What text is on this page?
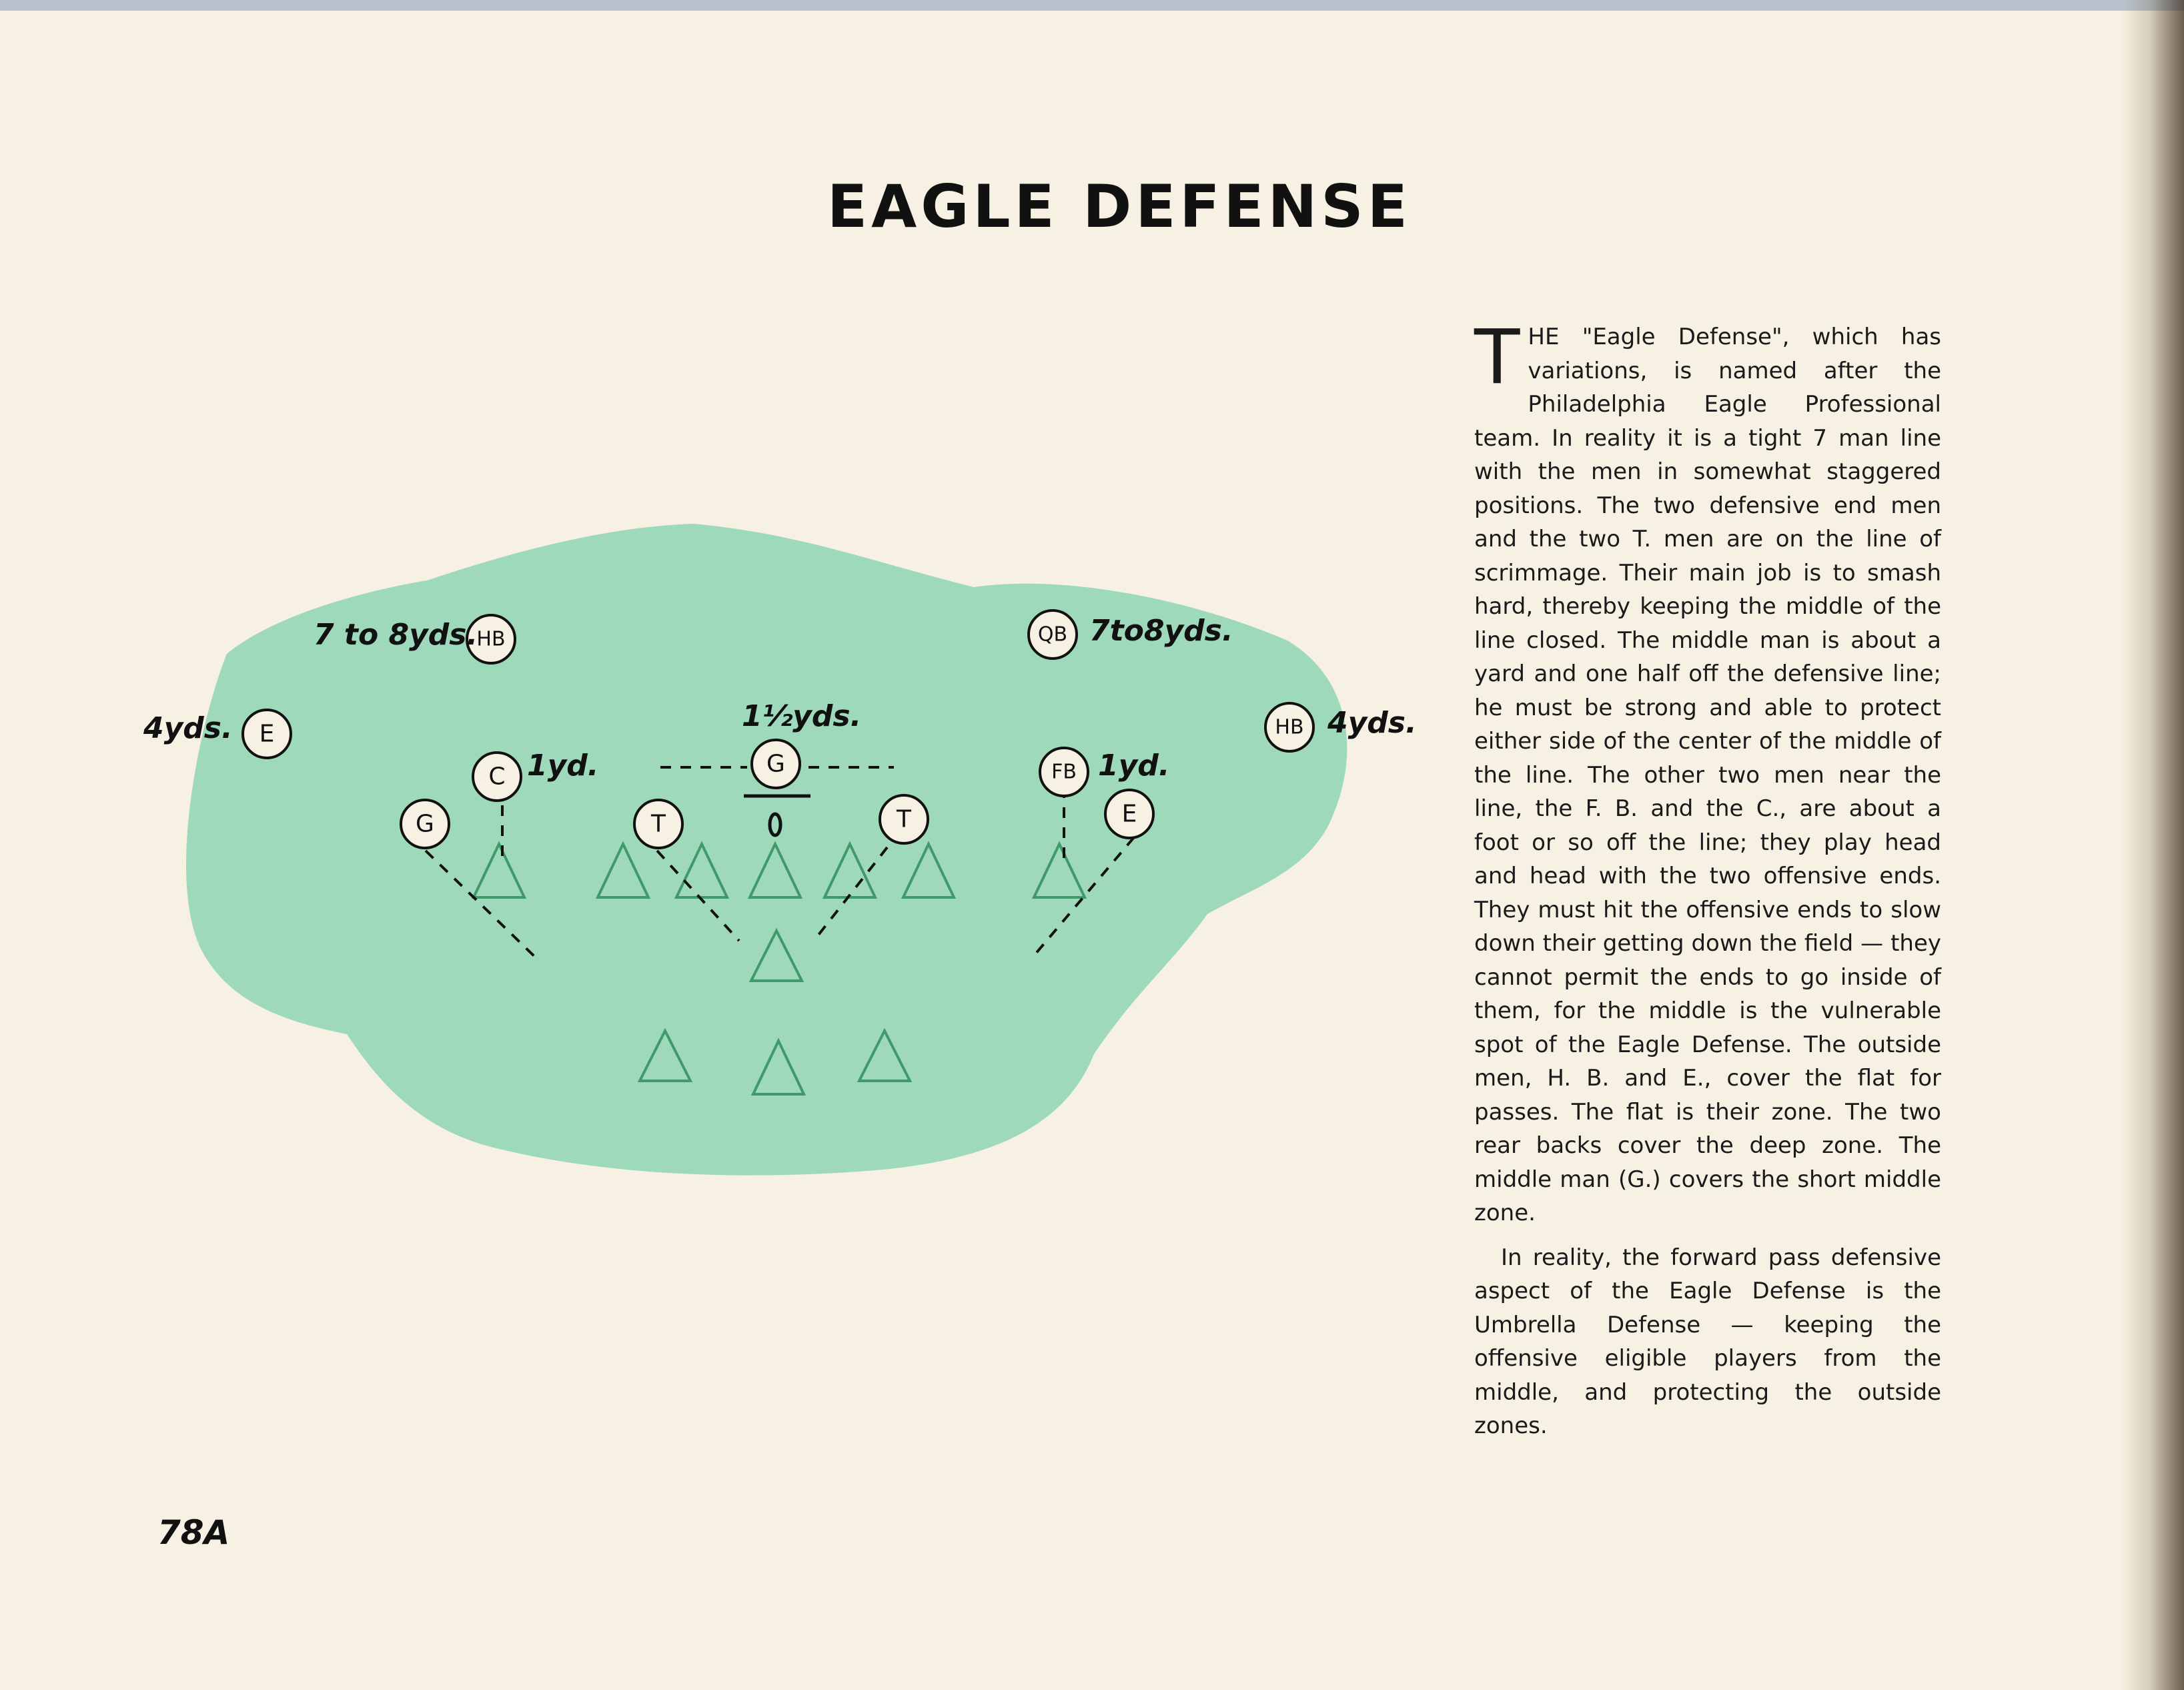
EAGLE DEFENSE
E
HB
C
G	T
G
T
FB
QB
E
HB
4yds.	4yds.
7 to 8yds.	7to8yds.
1½yds.
1yd.	1yd.

THE "Eagle Defense", which has variations, is named after the Philadelphia Eagle Professional team. In reality it is a tight 7 man line with the men in somewhat staggered positions. The two defensive end men and the two T. men are on the line of scrimmage. Their main job is to smash hard, thereby keeping the middle of the line closed. The middle man is about a yard and one half off the defensive line; he must be strong and able to protect either side of the center of the middle of the line. The other two men near the line, the F. B. and the C., are about a foot or so off the line; they play head and head with the two offensive ends. They must hit the offensive ends to slow down their getting down the field — they cannot permit the ends to go inside of them, for the middle is the vulnerable spot of the Eagle Defense. The outside men, H. B. and E., cover the flat for passes. The flat is their zone. The two rear backs cover the deep zone. The middle man (G.) covers the short middle zone.

In reality, the forward pass defensive aspect of the Eagle Defense is the Umbrella Defense — keeping the offensive eligible players from the middle, and protecting the outside zones.

78A
